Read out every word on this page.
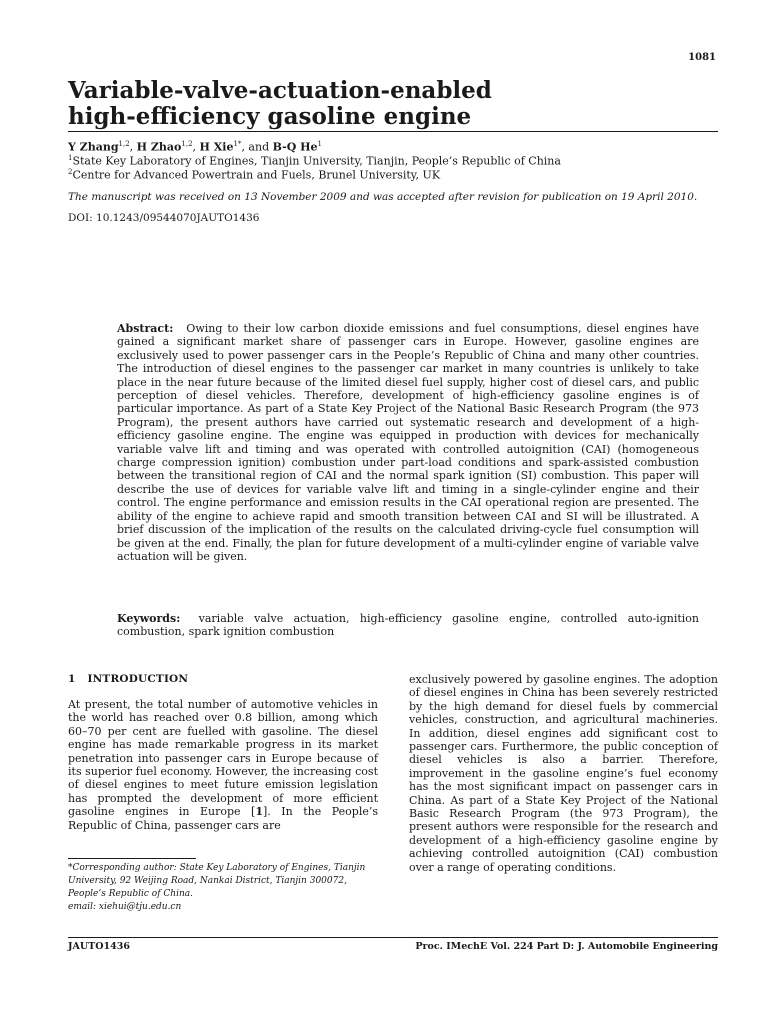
1081
Variable-valve-actuation-enabled
high-efficiency gasoline engine
Y Zhang$^{1,2}$, H Zhao$^{1,2}$, H Xie$^{1*}$, and B-Q He$^1$
$^1$State Key Laboratory of Engines, Tianjin University, Tianjin, People’s Republic of China
$^2$Centre for Advanced Powertrain and Fuels, Brunel University, UK
The manuscript was received on 13 November 2009 and was accepted after revision for publication on 19 April 2010.
DOI: 10.1243/09544070JAUTO1436
Abstract: Owing to their low carbon dioxide emissions and fuel consumptions, diesel engines have gained a significant market share of passenger cars in Europe. However, gasoline engines are exclusively used to power passenger cars in the People’s Republic of China and many other countries. The introduction of diesel engines to the passenger car market in many countries is unlikely to take place in the near future because of the limited diesel fuel supply, higher cost of diesel cars, and public perception of diesel vehicles. Therefore, development of high-efficiency gasoline engines is of particular importance. As part of a State Key Project of the National Basic Research Program (the 973 Program), the present authors have carried out systematic research and development of a high-efficiency gasoline engine. The engine was equipped in production with devices for mechanically variable valve lift and timing and was operated with controlled autoignition (CAI) (homogeneous charge compression ignition) combustion under part-load conditions and spark-assisted combustion between the transitional region of CAI and the normal spark ignition (SI) combustion. This paper will describe the use of devices for variable valve lift and timing in a single-cylinder engine and their control. The engine performance and emission results in the CAI operational region are presented. The ability of the engine to achieve rapid and smooth transition between CAI and SI will be illustrated. A brief discussion of the implication of the results on the calculated driving-cycle fuel consumption will be given at the end. Finally, the plan for future development of a multi-cylinder engine of variable valve actuation will be given.
Keywords: variable valve actuation, high-efficiency gasoline engine, controlled auto-ignition combustion, spark ignition combustion
1 INTRODUCTION
At present, the total number of automotive vehicles in the world has reached over 0.8 billion, among which 60–70 per cent are fuelled with gasoline. The diesel engine has made remarkable progress in its market penetration into passenger cars in Europe because of its superior fuel economy. However, the increasing cost of diesel engines to meet future emission legislation has prompted the development of more efficient gasoline engines in Europe [1]. In the People’s Republic of China, passenger cars are
exclusively powered by gasoline engines. The adoption of diesel engines in China has been severely restricted by the high demand for diesel fuels by commercial vehicles, construction, and agricultural machineries. In addition, diesel engines add significant cost to passenger cars. Furthermore, the public conception of diesel vehicles is also a barrier. Therefore, improvement in the gasoline engine’s fuel economy has the most significant impact on passenger cars in China. As part of a State Key Project of the National Basic Research Program (the 973 Program), the present authors were responsible for the research and development of a high-efficiency gasoline engine by achieving controlled autoignition (CAI) combustion over a range of operating conditions.
*Corresponding author: State Key Laboratory of Engines, Tianjin University, 92 Weijing Road, Nankai District, Tianjin 300072, People’s Republic of China.
email: xiehui@tju.edu.cn
JAUTO1436	Proc. IMechE Vol. 224 Part D: J. Automobile Engineering
